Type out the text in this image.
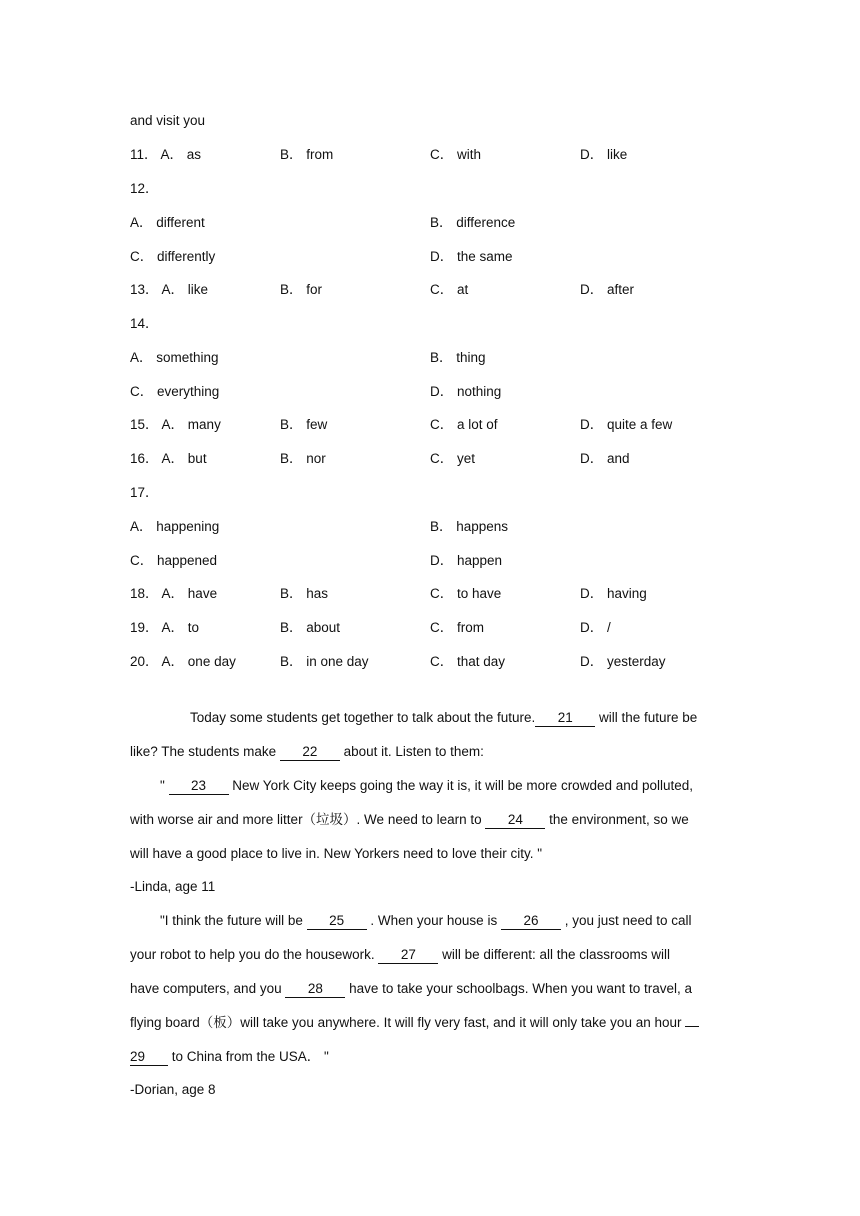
and visit you
11． A． as	B． from	C． with	D． like
12．
A． different	B． difference
C． differently	D． the same
13． A． like	B． for	C． at	D． after
14．
A． something	B． thing
C． everything	D． nothing
15． A． many	B． few	C． a lot of	D． quite a few
16． A． but	B． nor	C． yet	D． and
17．
A． happening	B． happens
C． happened	D． happen
18． A． have	B． has	C． to have	D． having
19． A． to	B． about	C． from	D． /
20． A． one day	B． in one day	C． that day	D． yesterday
Today some students get together to talk about the future. 21 will the future be
like? The students make 22 about it. Listen to them:
" 23 New York City keeps going the way it is, it will be more crowded and polluted,
with worse air and more litter（垃圾）. We need to learn to 24 the environment, so we
will have a good place to live in. New Yorkers need to love their city. "
-Linda, age 11
"I think the future will be 25 . When your house is 26 , you just need to call
your robot to help you do the housework. 27 will be different: all the classrooms will
have computers, and you 28 have to take your schoolbags. When you want to travel, a
flying board（板）will take you anywhere. It will fly very fast, and it will only take you an hour
29 to China from the USA． "
-Dorian, age 8
